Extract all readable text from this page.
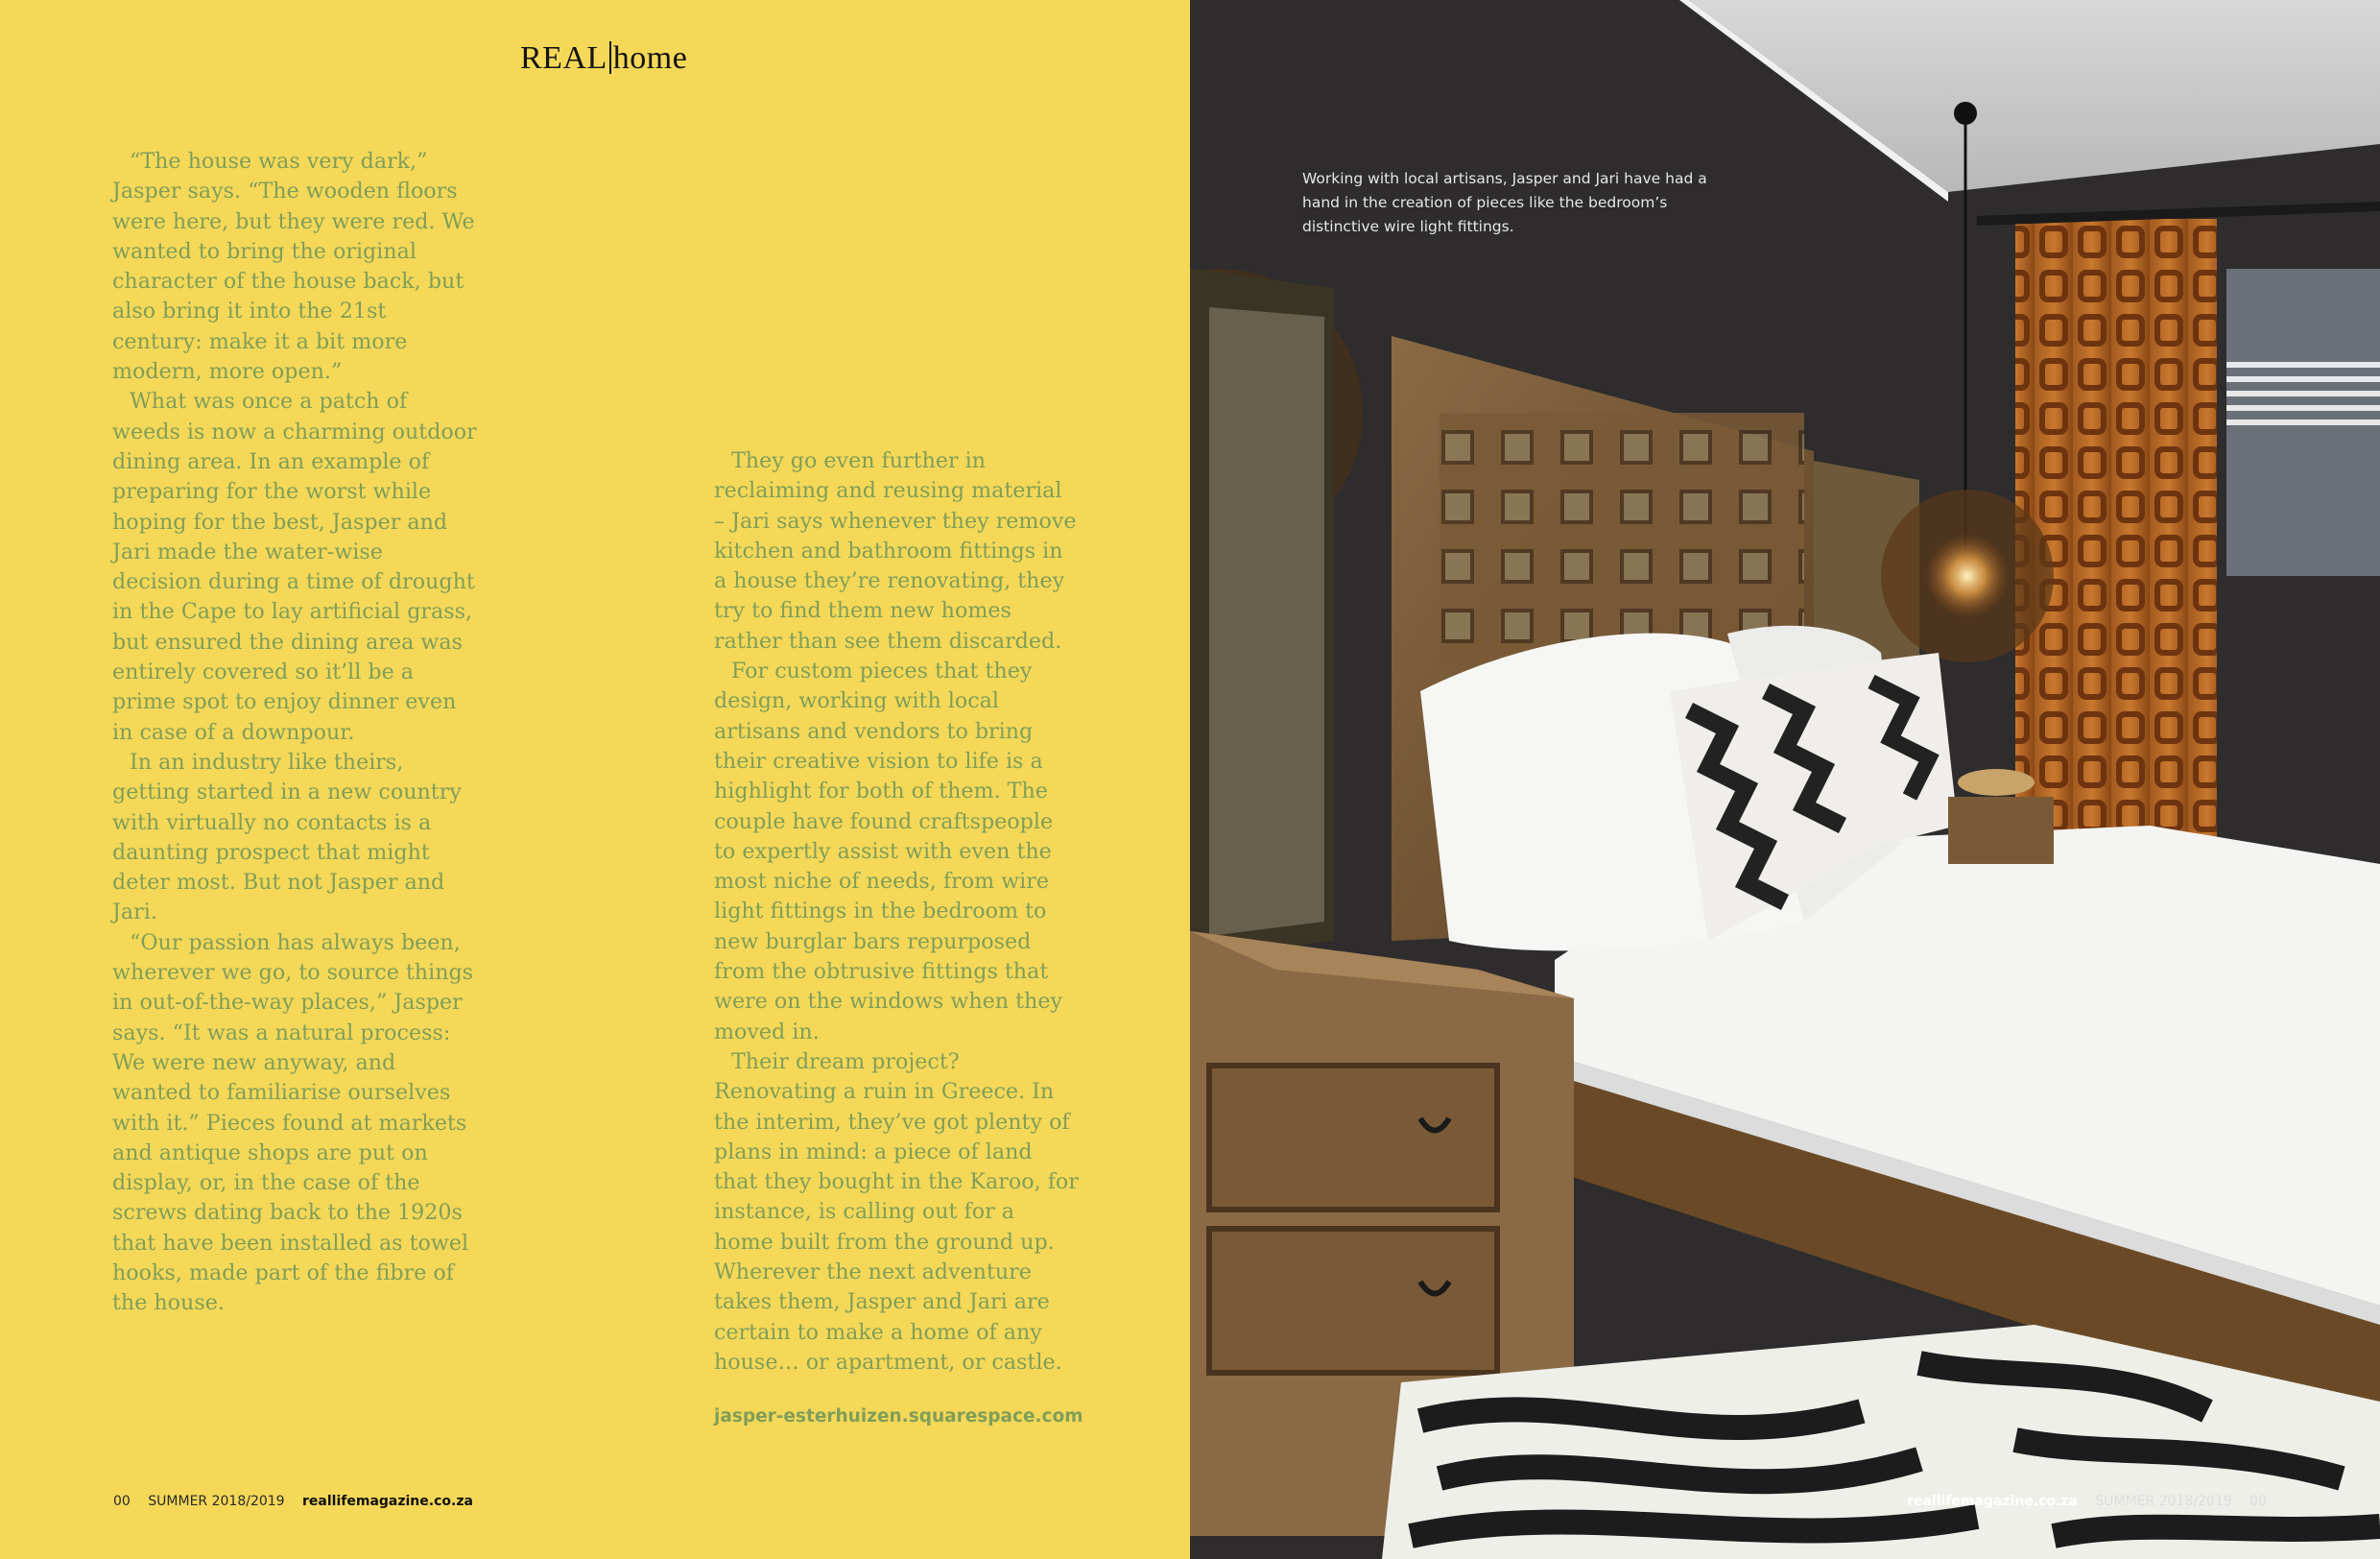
REAL home

“The house was very dark,” Jasper says. “The wooden floors were here, but they were red. We wanted to bring the original character of the house back, but also bring it into the 21st century: make it a bit more modern, more open.”

What was once a patch of weeds is now a charming outdoor dining area. In an example of preparing for the worst while hoping for the best, Jasper and Jari made the water-wise decision during a time of drought in the Cape to lay artificial grass, but ensured the dining area was entirely covered so it’ll be a prime spot to enjoy dinner even in case of a downpour.

In an industry like theirs, getting started in a new country with virtually no contacts is a daunting prospect that might deter most. But not Jasper and Jari.

“Our passion has always been, wherever we go, to source things in out-of-the-way places,” Jasper says. “It was a natural process: We were new anyway, and wanted to familiarise ourselves with it.” Pieces found at markets and antique shops are put on display, or, in the case of the screws dating back to the 1920s that have been installed as towel hooks, made part of the fibre of the house.

They go even further in reclaiming and reusing material – Jari says whenever they remove kitchen and bathroom fittings in a house they’re renovating, they try to find them new homes rather than see them discarded.

For custom pieces that they design, working with local artisans and vendors to bring their creative vision to life is a highlight for both of them. The couple have found craftspeople to expertly assist with even the most niche of needs, from wire light fittings in the bedroom to new burglar bars repurposed from the obtrusive fittings that were on the windows when they moved in.

Their dream project? Renovating a ruin in Greece. In the interim, they’ve got plenty of plans in mind: a piece of land that they bought in the Karoo, for instance, is calling out for a home built from the ground up. Wherever the next adventure takes them, Jasper and Jari are certain to make a home of any house… or apartment, or castle.

jasper-esterhuizen.squarespace.com
00 SUMMER 2018/2019 reallifemagazine.co.za
Working with local artisans, Jasper and Jari have had a hand in the creation of pieces like the bedroom’s distinctive wire light fittings.
reallifemagazine.co.za SUMMER 2018/2019 00
